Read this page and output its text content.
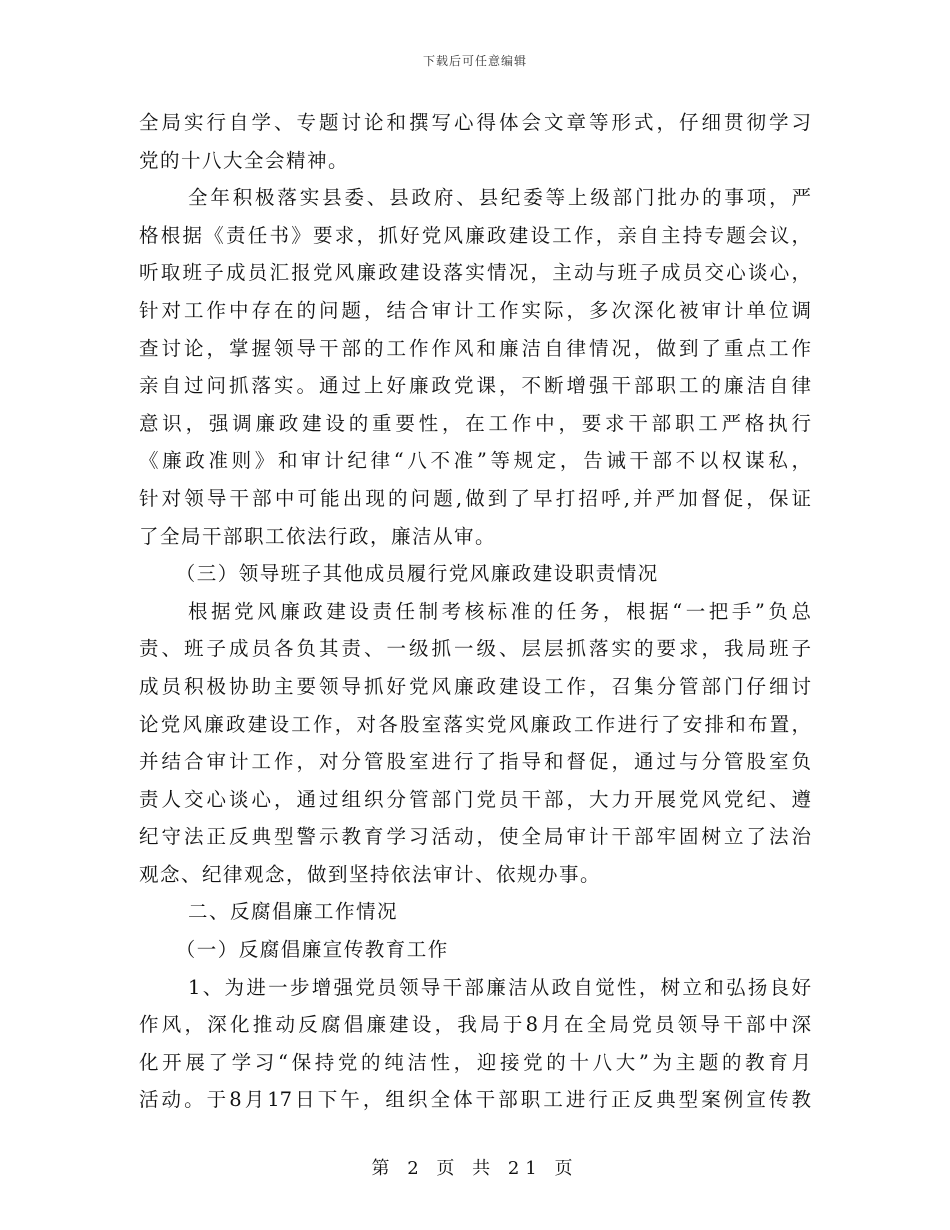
下载后可任意编辑
全局实行自学、专题讨论和撰写心得体会文章等形式，仔细贯彻学习
党的十八大全会精神。
全年积极落实县委、县政府、县纪委等上级部门批办的事项，严
格根据《责任书》要求，抓好党风廉政建设工作，亲自主持专题会议，
听取班子成员汇报党风廉政建设落实情况，主动与班子成员交心谈心，
针对工作中存在的问题，结合审计工作实际，多次深化被审计单位调
查讨论，掌握领导干部的工作作风和廉洁自律情况，做到了重点工作
亲自过问抓落实。通过上好廉政党课，不断增强干部职工的廉洁自律
意识，强调廉政建设的重要性，在工作中，要求干部职工严格执行
《廉政准则》和审计纪律“八不准”等规定，告诫干部不以权谋私，
针对领导干部中可能出现的问题,做到了早打招呼,并严加督促，保证
了全局干部职工依法行政，廉洁从审。
（三）领导班子其他成员履行党风廉政建设职责情况
根据党风廉政建设责任制考核标准的任务，根据“一把手”负总
责、班子成员各负其责、一级抓一级、层层抓落实的要求，我局班子
成员积极协助主要领导抓好党风廉政建设工作，召集分管部门仔细讨
论党风廉政建设工作，对各股室落实党风廉政工作进行了安排和布置，
并结合审计工作，对分管股室进行了指导和督促，通过与分管股室负
责人交心谈心，通过组织分管部门党员干部，大力开展党风党纪、遵
纪守法正反典型警示教育学习活动，使全局审计干部牢固树立了法治
观念、纪律观念，做到坚持依法审计、依规办事。
二、反腐倡廉工作情况
（一）反腐倡廉宣传教育工作
1、为进一步增强党员领导干部廉洁从政自觉性，树立和弘扬良好
作风，深化推动反腐倡廉建设，我局于8月在全局党员领导干部中深
化开展了学习“保持党的纯洁性，迎接党的十八大”为主题的教育月
活动。于8月17日下午，组织全体干部职工进行正反典型案例宣传教
第 2 页 共 21 页
